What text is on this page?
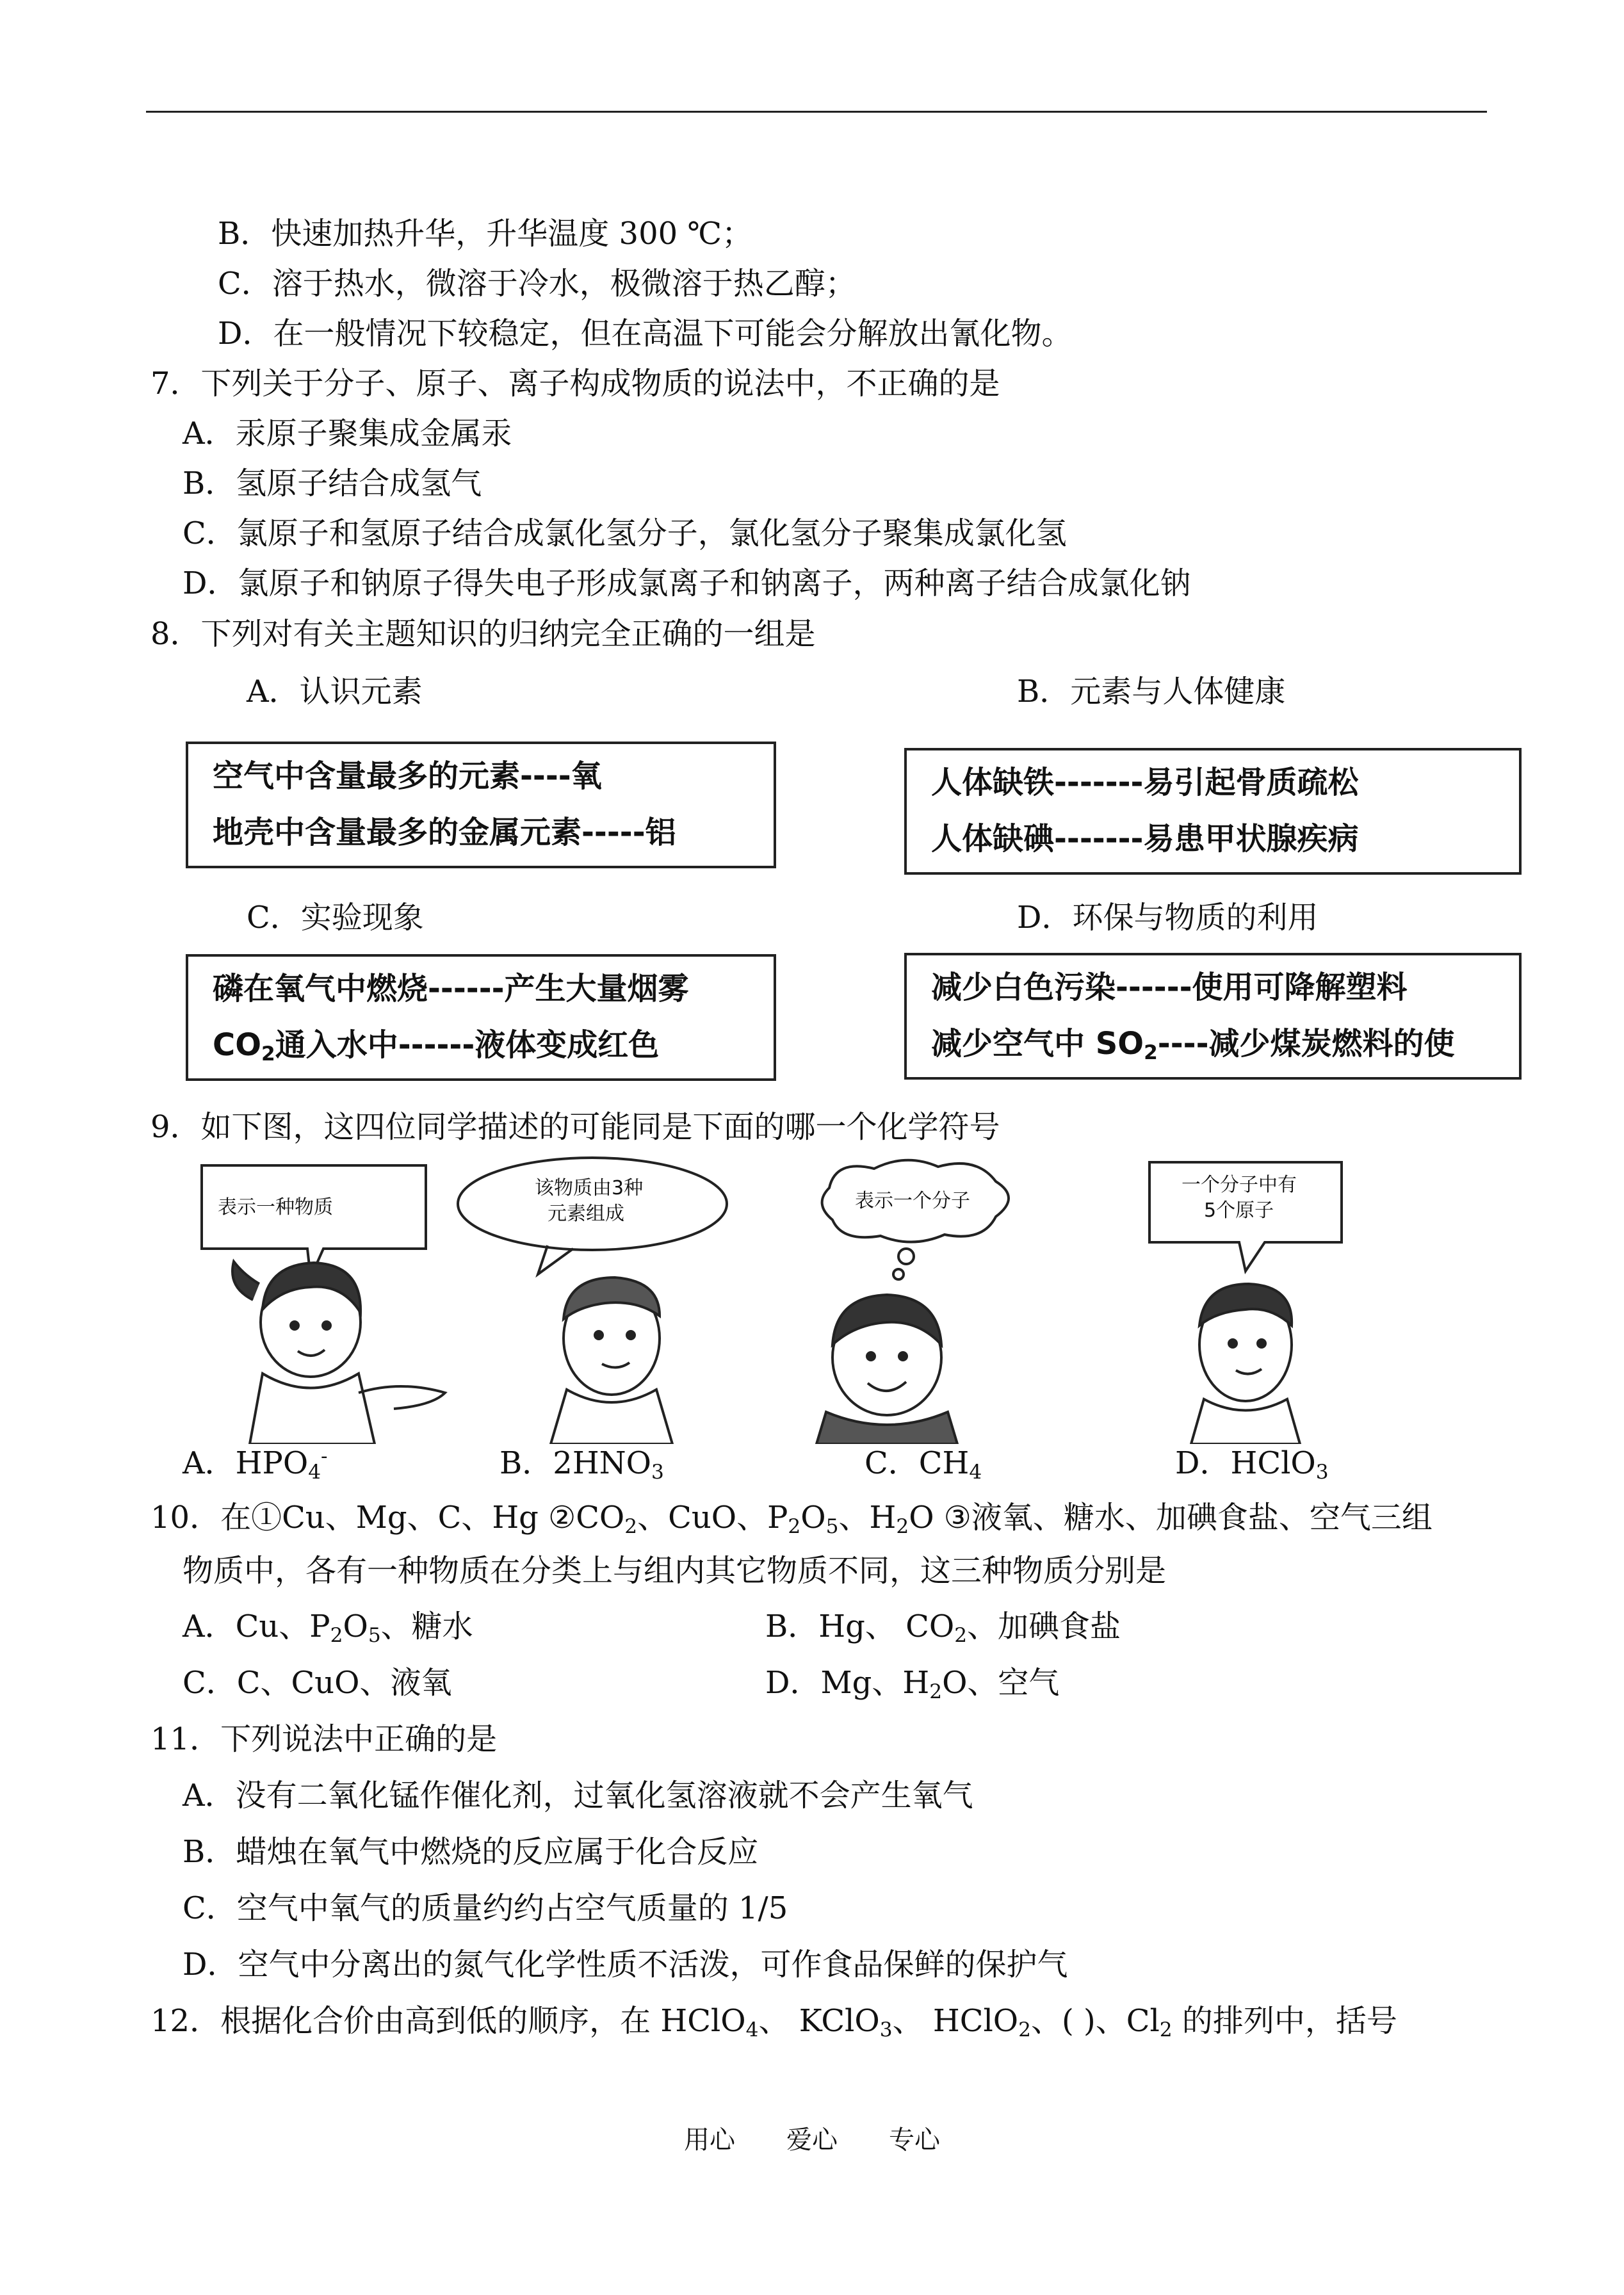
B．快速加热升华，升华温度 300 ℃；
C．溶于热水，微溶于冷水，极微溶于热乙醇；
D．在一般情况下较稳定，但在高温下可能会分解放出氰化物。
7．下列关于分子、原子、离子构成物质的说法中，不正确的是
A．汞原子聚集成金属汞
B．氢原子结合成氢气
C．氯原子和氢原子结合成氯化氢分子，氯化氢分子聚集成氯化氢
D．氯原子和钠原子得失电子形成氯离子和钠离子，两种离子结合成氯化钠
8．下列对有关主题知识的归纳完全正确的一组是
A．认识元素	B．元素与人体健康
空气中含量最多的元素----氧
地壳中含量最多的金属元素-----铝
人体缺铁-------易引起骨质疏松
人体缺碘-------易患甲状腺疾病
C．实验现象	D．环保与物质的利用
磷在氧气中燃烧------产生大量烟雾
$CO_2$通入水中------液体变成红色
减少白色污染------使用可降解塑料
减少空气中 $SO_2----$减少煤炭燃料的使
9．如下图，这四位同学描述的可能同是下面的哪一个化学符号
表示一种物质
该物质由3种
元素组成
表示一个分子
一个分子中有
5个原子
A．$HPO_4^-$	B．$2HNO_3$	C．$CH_4$	D．HClO$_3$
10．在①Cu、Mg、C、Hg $②CO_2$、CuO、$P_2O_5$、$H_2O$ ③液氧、糖水、加碘食盐、空气三组
物质中，各有一种物质在分类上与组内其它物质不同，这三种物质分别是
A．Cu、$P_2O_5$、糖水	B．Hg、 $CO_2$、加碘食盐
C．C、CuO、液氧	D．Mg、$H_2O$、空气
11．下列说法中正确的是
A．没有二氧化锰作催化剂，过氧化氢溶液就不会产生氧气
B．蜡烛在氧气中燃烧的反应属于化合反应
C．空气中氧气的质量约约占空气质量的 1/5
D．空气中分离出的氮气化学性质不活泼，可作食品保鲜的保护气
12．根据化合价由高到低的顺序，在 HClO$_4$、 KClO$_3$、 HClO$_2$、( )、$Cl_2$ 的排列中，括号
用心 爱心 专心
